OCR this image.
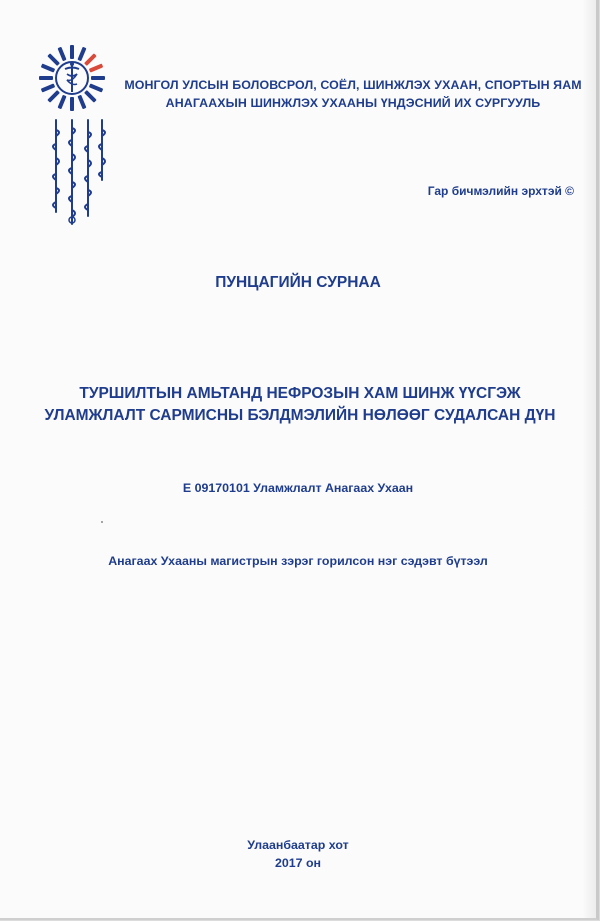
МОНГОЛ УЛСЫН БОЛОВСРОЛ, СОЁЛ, ШИНЖЛЭХ УХААН, СПОРТЫН ЯАМ
АНАГААХЫН ШИНЖЛЭХ УХААНЫ ҮНДЭСНИЙ ИХ СУРГУУЛЬ
Гар бичмэлийн эрхтэй ©
ПУНЦАГИЙН СУРНАА
ТУРШИЛТЫН АМЬТАНД НЕФРОЗЫН ХАМ ШИНЖ ҮҮСГЭЖ
УЛАМЖЛАЛТ САРМИСНЫ БЭЛДМЭЛИЙН НӨЛӨӨГ СУДАЛСАН ДҮН
Е 09170101 Уламжлалт Анагаах Ухаан
Анагаах Ухааны магистрын зэрэг горилсон нэг сэдэвт бүтээл
Улаанбаатар хот
2017 он
